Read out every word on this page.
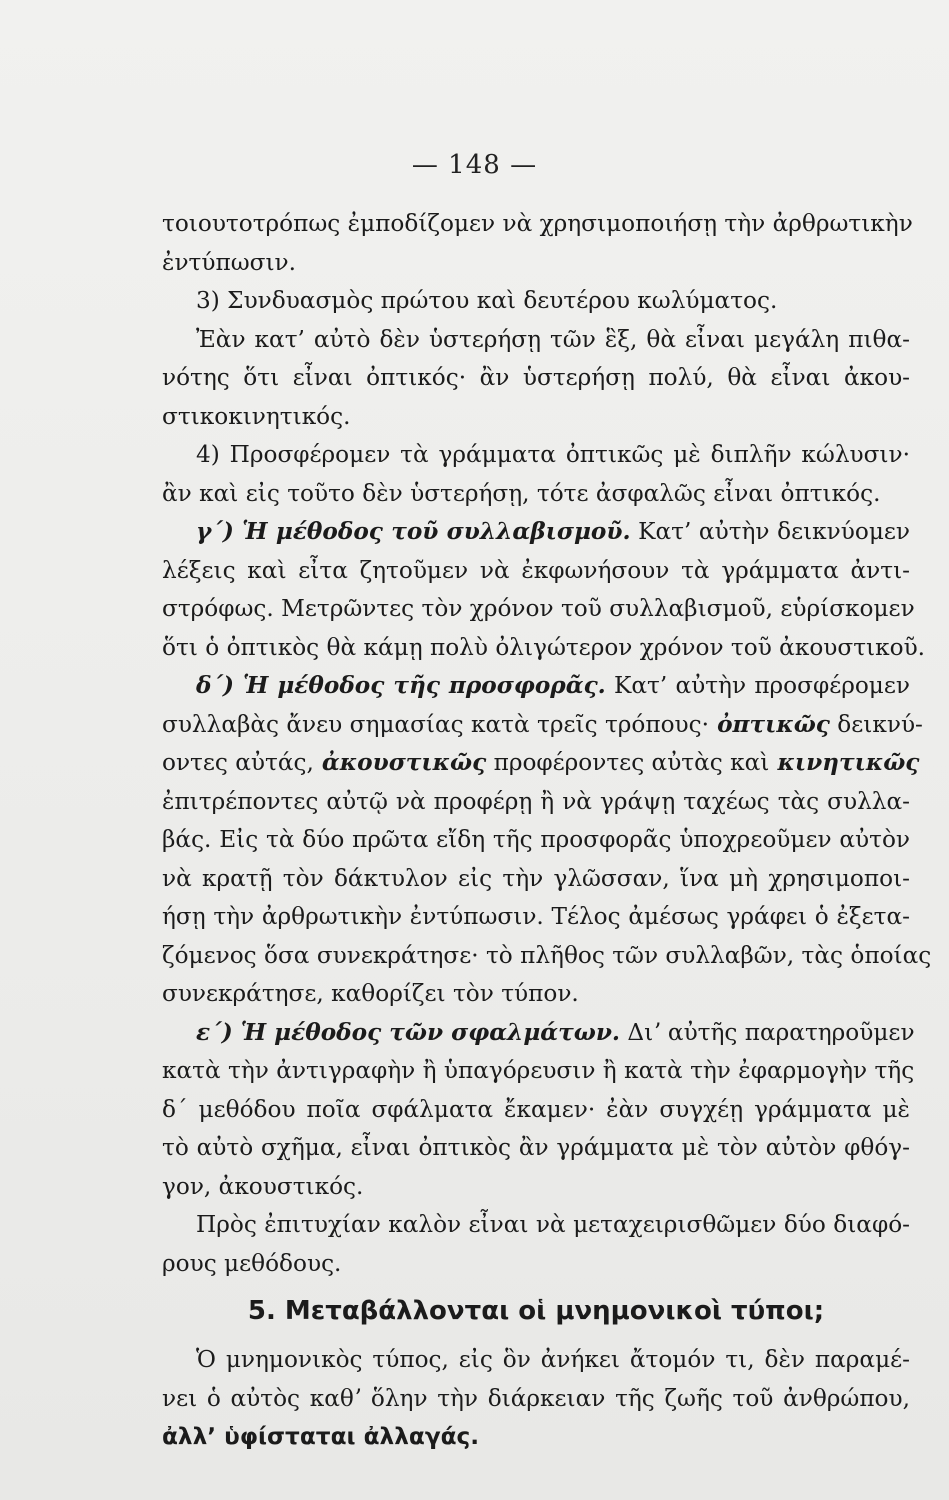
— 148 —
τοιουτοτρόπως ἐμποδίζομεν νὰ χρησιμοποιήσῃ τὴν ἀρθρωτικὴν
ἐντύπωσιν.
3) Συνδυασμὸς πρώτου καὶ δευτέρου κωλύματος.
Ἐὰν κατ’ αὐτὸ δὲν ὑστερήσῃ τῶν ἓξ, θὰ εἶναι μεγάλη πιθα-
νότης ὅτι εἶναι ὀπτικός· ἂν ὑστερήσῃ πολύ, θὰ εἶναι ἀκου-
στικοκινητικός.
4) Προσφέρομεν τὰ γράμματα ὀπτικῶς μὲ διπλῆν κώλυσιν·
ἂν καὶ εἰς τοῦτο δὲν ὑστερήσῃ, τότε ἀσφαλῶς εἶναι ὀπτικός.
γ΄) Ἡ μέθοδος τοῦ συλλαβισμοῦ. Κατ’ αὐτὴν δεικνύομεν
λέξεις καὶ εἶτα ζητοῦμεν νὰ ἐκφωνήσουν τὰ γράμματα ἀντι-
στρόφως. Μετρῶντες τὸν χρόνον τοῦ συλλαβισμοῦ, εὑρίσκομεν
ὅτι ὁ ὀπτικὸς θὰ κάμῃ πολὺ ὀλιγώτερον χρόνον τοῦ ἀκουστικοῦ.
δ΄) Ἡ μέθοδος τῆς προσφορᾶς. Κατ’ αὐτὴν προσφέρομεν
συλλαβὰς ἄνευ σημασίας κατὰ τρεῖς τρόπους· ὀπτικῶς δεικνύ-
οντες αὐτάς, ἀκουστικῶς προφέροντες αὐτὰς καὶ κινητικῶς
ἐπιτρέποντες αὐτῷ νὰ προφέρῃ ἢ νὰ γράψῃ ταχέως τὰς συλλα-
βάς. Εἰς τὰ δύο πρῶτα εἴδη τῆς προσφορᾶς ὑποχρεοῦμεν αὐτὸν
νὰ κρατῇ τὸν δάκτυλον εἰς τὴν γλῶσσαν, ἵνα μὴ χρησιμοποι-
ήσῃ τὴν ἀρθρωτικὴν ἐντύπωσιν. Τέλος ἀμέσως γράφει ὁ ἐξετα-
ζόμενος ὅσα συνεκράτησε· τὸ πλῆθος τῶν συλλαβῶν, τὰς ὁποίας
συνεκράτησε, καθορίζει τὸν τύπον.
ε΄) Ἡ μέθοδος τῶν σφαλμάτων. Διʼ αὐτῆς παρατηροῦμεν
κατὰ τὴν ἀντιγραφὴν ἢ ὑπαγόρευσιν ἢ κατὰ τὴν ἐφαρμογὴν τῆς
δ΄ μεθόδου ποῖα σφάλματα ἔκαμεν· ἐὰν συγχέῃ γράμματα μὲ
τὸ αὐτὸ σχῆμα, εἶναι ὀπτικὸς ἂν γράμματα μὲ τὸν αὐτὸν φθόγ-
γον, ἀκουστικός.
Πρὸς ἐπιτυχίαν καλὸν εἶναι νὰ μεταχειρισθῶμεν δύο διαφό-
ρους μεθόδους.
5. Μεταβάλλονται οἱ μνημονικοὶ τύποι;
Ὁ μνημονικὸς τύπος, εἰς ὃν ἀνήκει ἄτομόν τι, δὲν παραμέ-
νει ὁ αὐτὸς καθʼ ὅλην τὴν διάρκειαν τῆς ζωῆς τοῦ ἀνθρώπου,
ἀλλʼ ὑφίσταται ἀλλαγάς.
